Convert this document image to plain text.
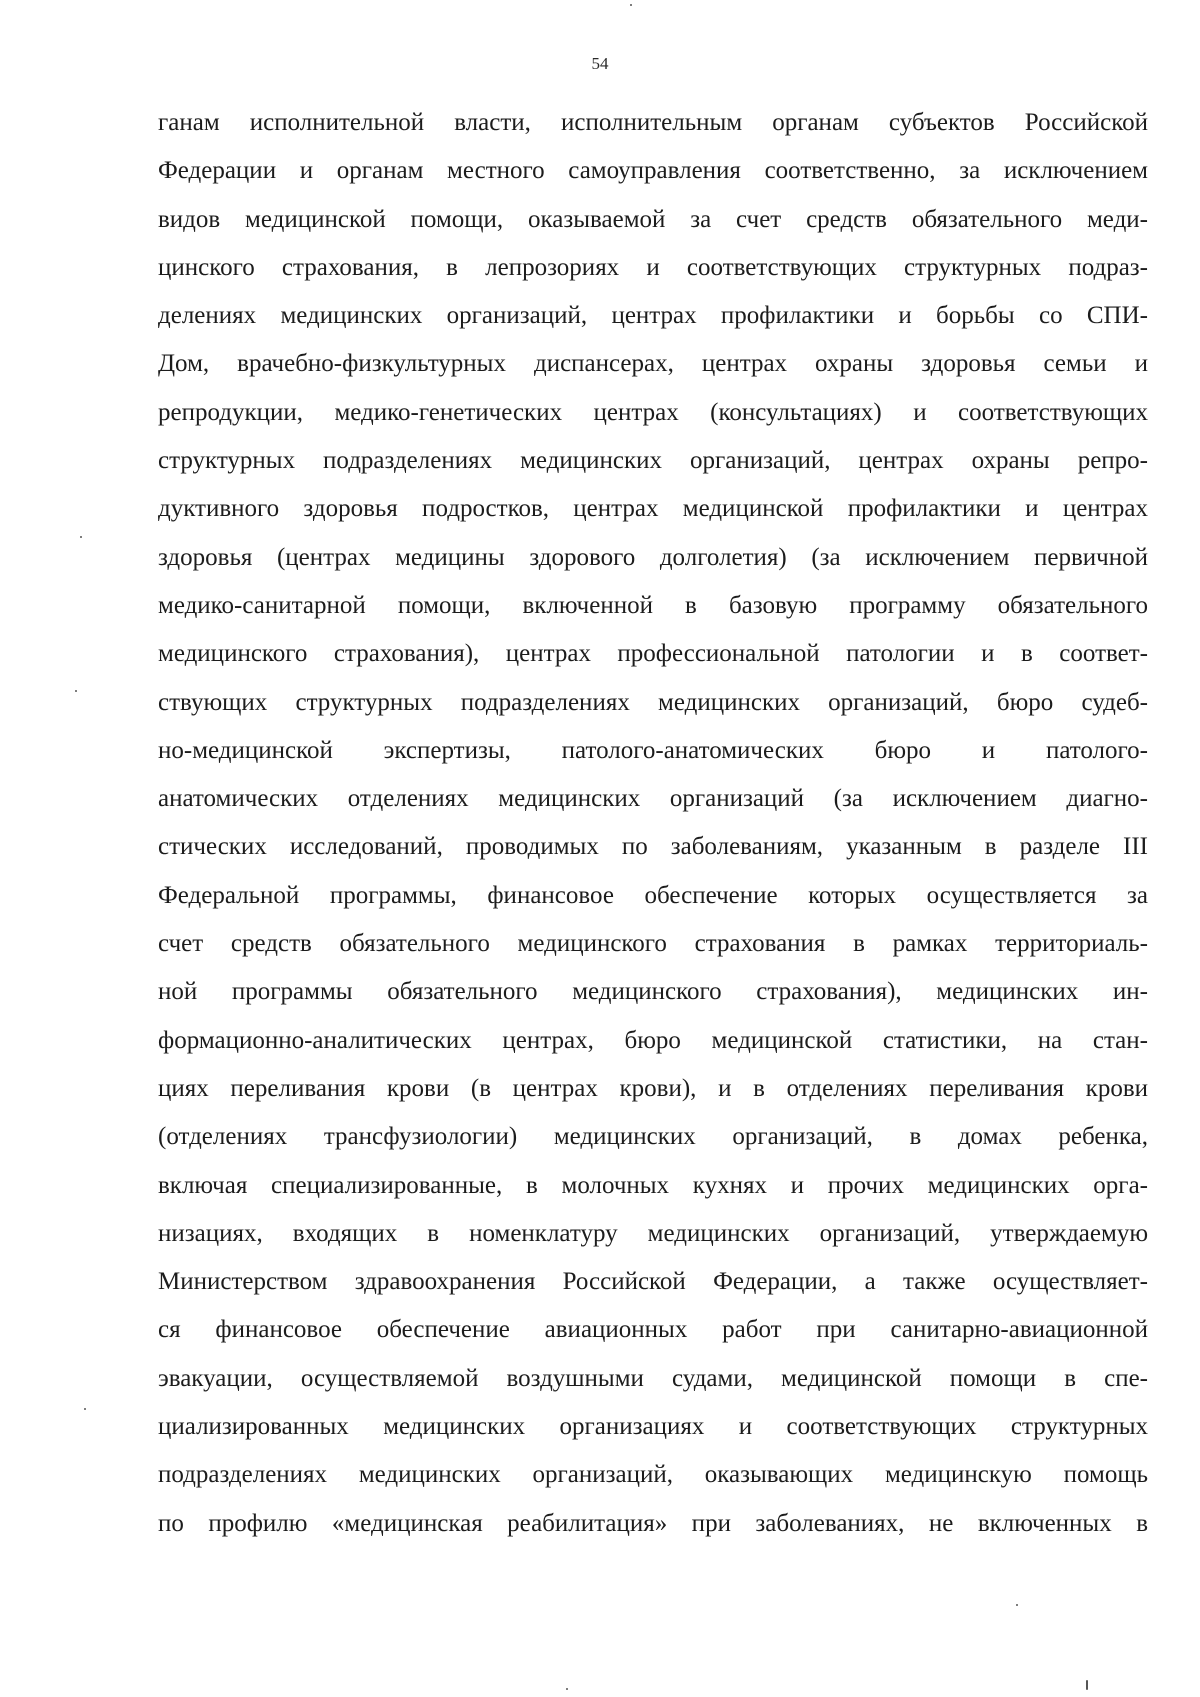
54
ганам исполнительной власти, исполнительным органам субъектов Российской
Федерации и органам местного самоуправления соответственно, за исключением
видов медицинской помощи, оказываемой за счет средств обязательного меди-
цинского страхования, в лепрозориях и соответствующих структурных подраз-
делениях медицинских организаций, центрах профилактики и борьбы со СПИ-
Дом, врачебно-физкультурных диспансерах, центрах охраны здоровья семьи и
репродукции, медико-генетических центрах (консультациях) и соответствующих
структурных подразделениях медицинских организаций, центрах охраны репро-
дуктивного здоровья подростков, центрах медицинской профилактики и центрах
здоровья (центрах медицины здорового долголетия) (за исключением первичной
медико-санитарной помощи, включенной в базовую программу обязательного
медицинского страхования), центрах профессиональной патологии и в соответ-
ствующих структурных подразделениях медицинских организаций, бюро судеб-
но-медицинской экспертизы, патолого-анатомических бюро и патолого-
анатомических отделениях медицинских организаций (за исключением диагно-
стических исследований, проводимых по заболеваниям, указанным в разделе III
Федеральной программы, финансовое обеспечение которых осуществляется за
счет средств обязательного медицинского страхования в рамках территориаль-
ной программы обязательного медицинского страхования), медицинских ин-
формационно-аналитических центрах, бюро медицинской статистики, на стан-
циях переливания крови (в центрах крови), и в отделениях переливания крови
(отделениях трансфузиологии) медицинских организаций, в домах ребенка,
включая специализированные, в молочных кухнях и прочих медицинских орга-
низациях, входящих в номенклатуру медицинских организаций, утверждаемую
Министерством здравоохранения Российской Федерации, а также осуществляет-
ся финансовое обеспечение авиационных работ при санитарно-авиационной
эвакуации, осуществляемой воздушными судами, медицинской помощи в спе-
циализированных медицинских организациях и соответствующих структурных
подразделениях медицинских организаций, оказывающих медицинскую помощь
по профилю «медицинская реабилитация» при заболеваниях, не включенных в
